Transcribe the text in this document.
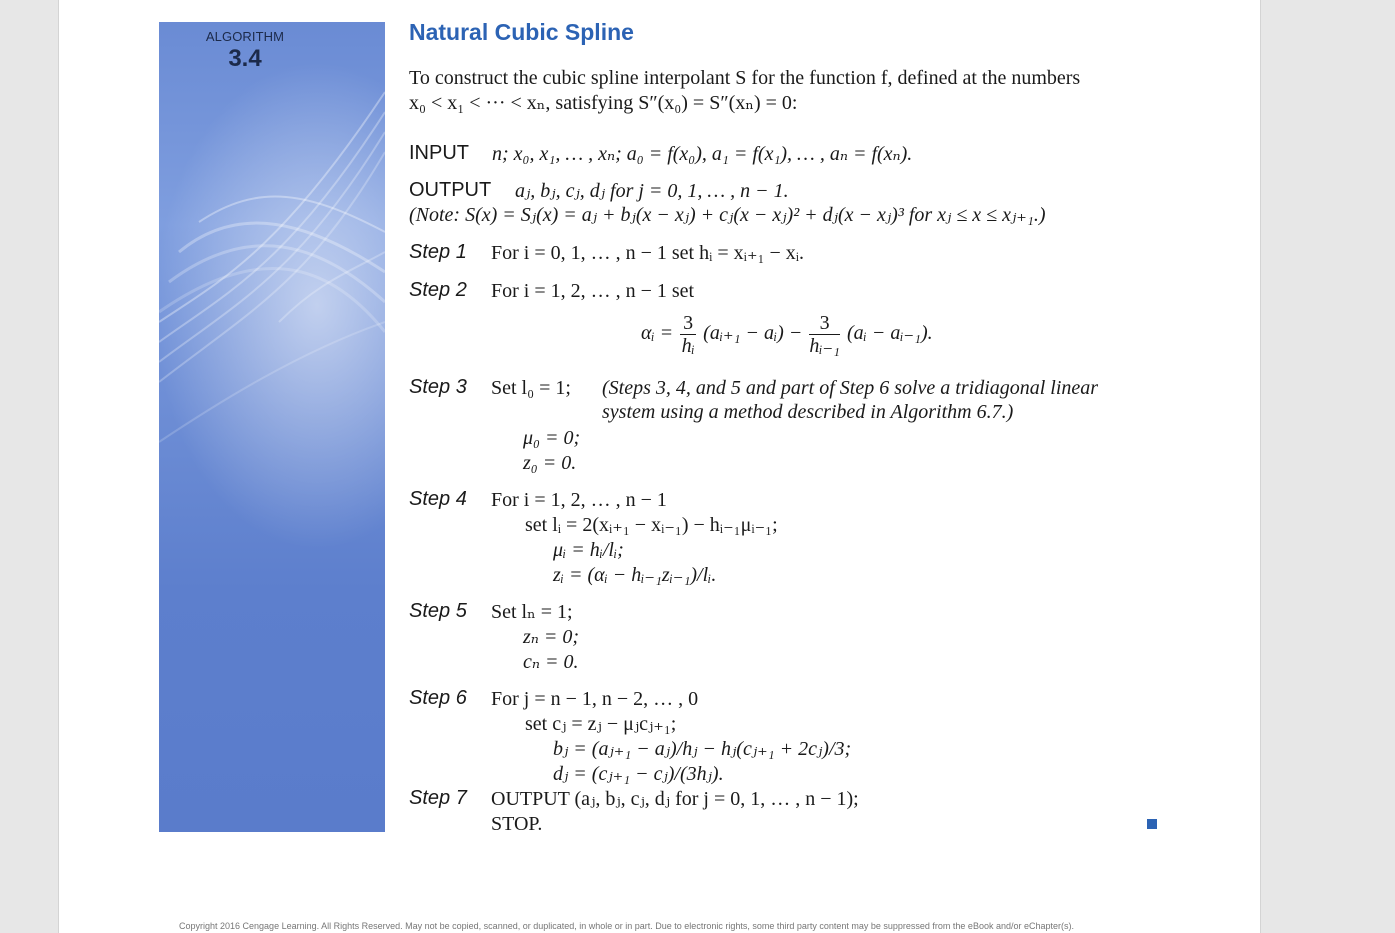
ALGORITHM
3.4
Natural Cubic Spline
To construct the cubic spline interpolant S for the function f, defined at the numbers
x₀ < x₁ < ··· < xₙ, satisfying S″(x₀) = S″(xₙ) = 0:
INPUT n; x₀, x₁, … , xₙ; a₀ = f(x₀), a₁ = f(x₁), … , aₙ = f(xₙ).
OUTPUT aⱼ, bⱼ, cⱼ, dⱼ for j = 0, 1, … , n − 1.
(Note: S(x) = Sⱼ(x) = aⱼ + bⱼ(x − xⱼ) + cⱼ(x − xⱼ)² + dⱼ(x − xⱼ)³ for xⱼ ≤ x ≤ xⱼ₊₁.)
Step 1 For i = 0, 1, … , n − 1 set hᵢ = xᵢ₊₁ − xᵢ.
Step 2 For i = 1, 2, … , n − 1 set
αᵢ = $\frac{3}{\text{hᵢ}}$ (aᵢ₊₁ − aᵢ) − $\frac{3}{\text{hᵢ₋₁}}$ (aᵢ − aᵢ₋₁).
Step 3 Set l₀ = 1; (Steps 3, 4, and 5 and part of Step 6 solve a tridiagonal linear
system using a method described in Algorithm 6.7.)
μ₀ = 0;
z₀ = 0.
Step 4 For i = 1, 2, … , n − 1
set lᵢ = 2(xᵢ₊₁ − xᵢ₋₁) − hᵢ₋₁μᵢ₋₁;
μᵢ = hᵢ/lᵢ;
zᵢ = (αᵢ − hᵢ₋₁zᵢ₋₁)/lᵢ.
Step 5 Set lₙ = 1;
zₙ = 0;
cₙ = 0.
Step 6 For j = n − 1, n − 2, … , 0
set cⱼ = zⱼ − μⱼcⱼ₊₁;
bⱼ = (aⱼ₊₁ − aⱼ)/hⱼ − hⱼ(cⱼ₊₁ + 2cⱼ)/3;
dⱼ = (cⱼ₊₁ − cⱼ)/(3hⱼ).
Step 7 OUTPUT (aⱼ, bⱼ, cⱼ, dⱼ for j = 0, 1, … , n − 1);
STOP.
Copyright 2016 Cengage Learning. All Rights Reserved. May not be copied, scanned, or duplicated, in whole or in part. Due to electronic rights, some third party content may be suppressed from the eBook and/or eChapter(s).
